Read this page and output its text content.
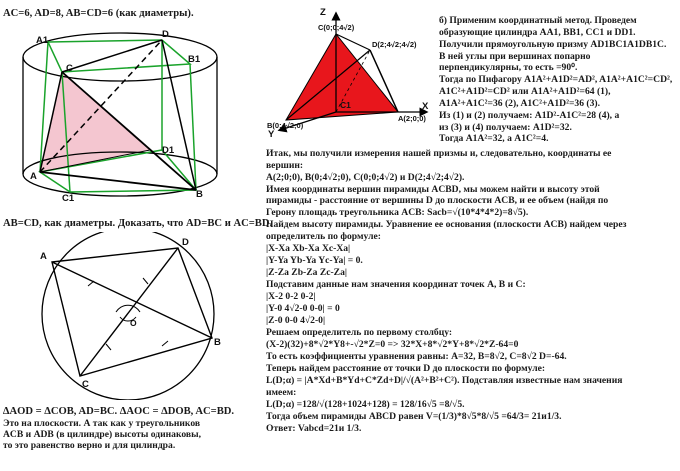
AC=6, AD=8, AB=CD=6 (как диаметры).
A1
D
B1
C
D1
A
C1	B
AB=CD, как диаметры. Доказать, что AD=BC и AC=BD.
A
D
B
C
O
∆AOD = ∆COB, AD=BC. ∆AOC = ∆DOB, AC=BD.
Это на плоскости. А так как у треугольников
ACB и ADB (в цилиндре) высоты одинаковы,
то это равенство верно и для цилиндра.
Z
C(0;0;4√2)
D(2;4√2;4√2)
C1	X
A(2;0;0)
B(0;4√2;0)
Y
б) Применим координатный метод. Проведем
образующие цилиндра AA1, BB1, CC1 и DD1.
Получили прямоугольную призму AD1BC1A1DB1C.
В ней углы при вершинах попарно
перпендикулярны, то есть =90⁰.
Тогда по Пифагору A1A²+A1D²=AD², A1A²+A1C²=CD²,
A1C²+A1D²=CD² или A1A²+A1D²=64 (1),
A1A²+A1C²=36 (2), A1C²+A1D²=36 (3).
Из (1) и (2) получаем: A1D²-A1C²=28 (4), а
из (3) и (4) получаем: A1D²=32.
Тогда A1A²=32, а A1C²=4.
Итак, мы получили измерения нашей призмы и, следовательно, координаты ее
вершин:
A(2;0;0), B(0;4√2;0), C(0;0;4√2) и D(2;4√2;4√2).
Имея координаты вершин пирамиды ACBD, мы можем найти и высоту этой
пирамиды - расстояние от вершины D до плоскости ACB, и ее объем (найдя по
Герону площадь треугольника ACB: Sacb=√(10*4*4*2)=8√5).
Найдем высоту пирамиды. Уравнение ее основания (плоскости ACB) найдем через
определитель по формуле:
|X-Xa Xb-Xa Xc-Xa|
|Y-Ya Yb-Ya Yc-Ya| = 0.
|Z-Za Zb-Za Zc-Za|
Подставим данные нам значения координат точек A, B и C:
|X-2 0-2 0-2|
|Y-0 4√2-0 0-0| = 0
|Z-0 0-0 4√2-0|
Решаем определитель по первому столбцу:
(X-2)(32)+8*√2*Y8+-√2*Z=0 => 32*X+8*√2*Y+8*√2*Z-64=0
То есть коэффициенты уравнения равны: A=32, B=8√2, C=8√2 D=-64.
Теперь найдем расстояние от точки D до плоскости по формуле:
L(D;α) = |A*Xd+B*Yd+C*Zd+D|/√(A²+B²+C²). Подставляя известные нам значения
имеем:
L(D;α) =128/√(128+1024+128) = 128/16√5 =8/√5.
Тогда объем пирамиды ABCD равен V=(1/3)*8√5*8/√5 =64/3= 21и1/3.
Ответ: Vabcd=21и 1/3.
